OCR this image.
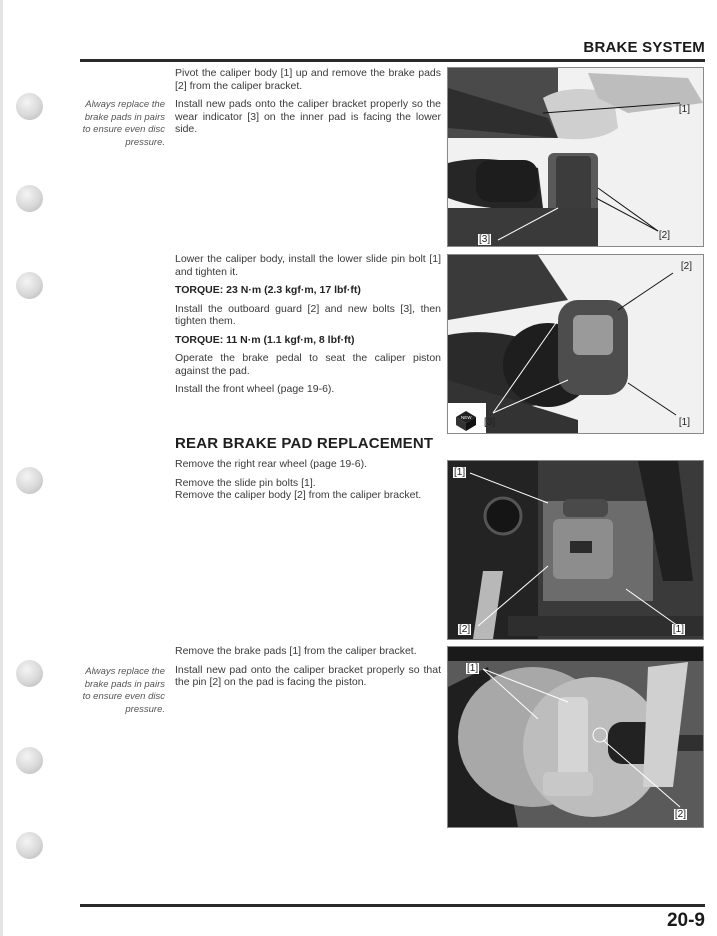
BRAKE SYSTEM
Always replace the
brake pads in pairs
to ensure even disc
pressure.
Always replace the
brake pads in pairs
to ensure even disc
pressure.

Pivot the caliper body [1] up and remove the brake pads [2] from the caliper bracket.

Install new pads onto the caliper bracket properly so the wear indicator [3] on the inner pad is facing the lower side.

Lower the caliper body, install the lower slide pin bolt [1] and tighten it.

TORQUE: 23 N·m (2.3 kgf·m, 17 lbf·ft)

Install the outboard guard [2] and new bolts [3], then tighten them.

TORQUE: 11 N·m (1.1 kgf·m, 8 lbf·ft)

Operate the brake pedal to seat the caliper piston against the pad.

Install the front wheel (page 19-6).

REAR BRAKE PAD REPLACEMENT

Remove the right rear wheel (page 19-6).

Remove the slide pin bolts [1].

Remove the caliper body [2] from the caliper bracket.

Remove the brake pads [1] from the caliper bracket.

Install new pad onto the caliper bracket properly so that the pin [2] on the pad is facing the piston.

[1]
[2]
[3]
NEW
[2]
[1]
[3]
[1]
[2]	[1]
[1]
[2]
20-9
